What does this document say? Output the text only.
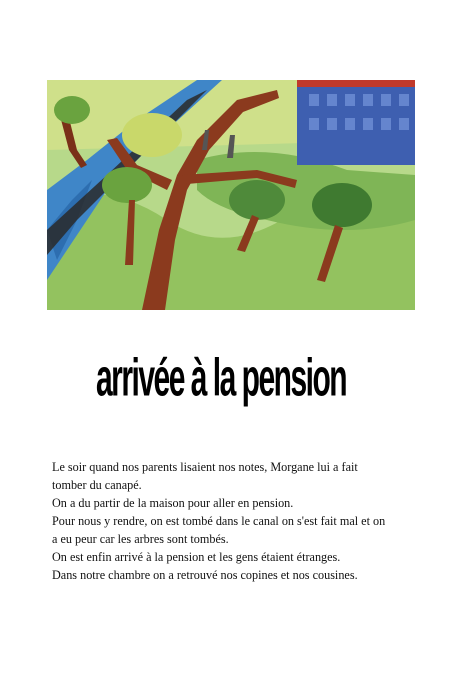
arrivée à la pension

Le soir quand nos parents lisaient nos notes, Morgane lui a fait

tomber du canapé.

On a du partir de la maison pour aller en pension.

Pour nous y rendre, on est tombé dans le canal on s'est fait mal et on

a eu peur car les arbres sont tombés.

On est enfin arrivé à la pension et les gens étaient étranges.

Dans notre chambre on a retrouvé nos copines et nos cousines.
